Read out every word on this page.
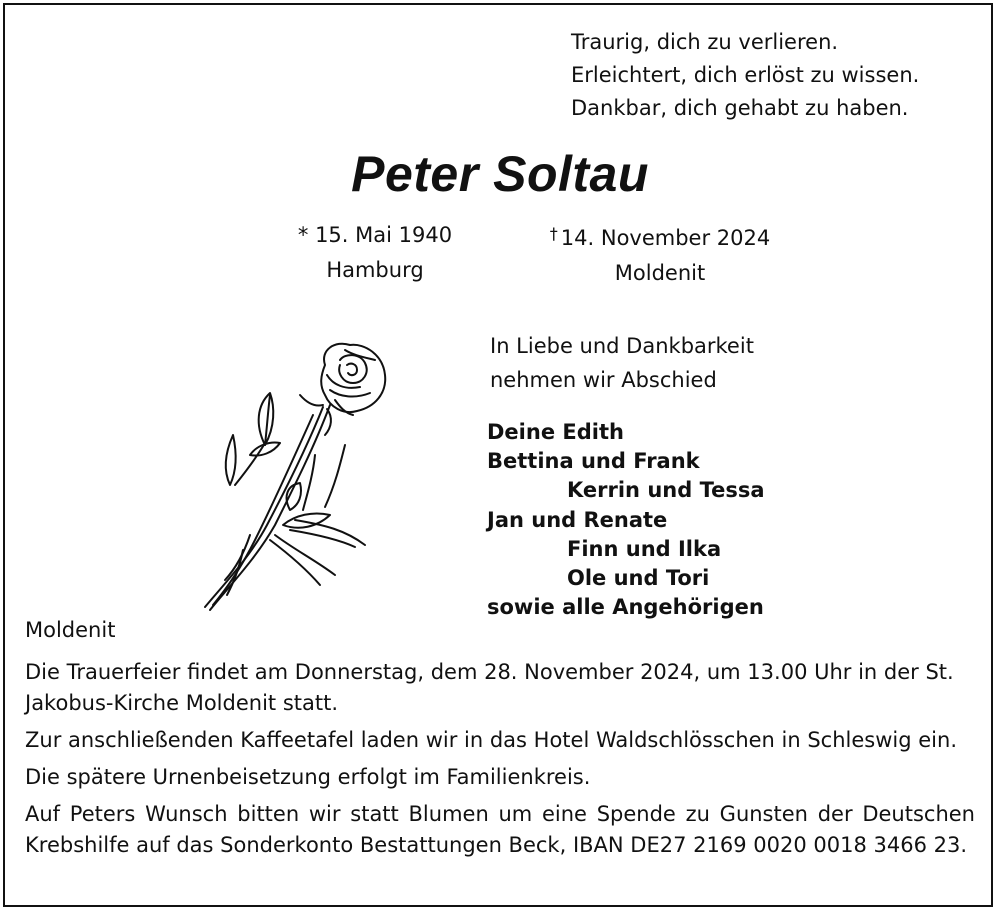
Traurig, dich zu verlieren.
Erleichtert, dich erlöst zu wissen.
Dankbar, dich gehabt zu haben.
Peter Soltau
* 15. Mai 1940
Hamburg
† 14. November 2024
Moldenit
In Liebe und Dankbarkeit
nehmen wir Abschied
Deine Edith
Bettina und Frank
Kerrin und Tessa
Jan und Renate
Finn und Ilka
Ole und Tori
sowie alle Angehörigen
Moldenit

Die Trauerfeier findet am Donnerstag, dem 28. November 2024, um 13.00 Uhr in der St. Jakobus-Kirche Moldenit statt.

Zur anschließenden Kaffeetafel laden wir in das Hotel Waldschlösschen in Schleswig ein.

Die spätere Urnenbeisetzung erfolgt im Familienkreis.

Auf Peters Wunsch bitten wir statt Blumen um eine Spende zu Gunsten der Deutschen Krebshilfe auf das Sonderkonto Bestattungen Beck, IBAN DE27 2169 0020 0018 3466 23.
